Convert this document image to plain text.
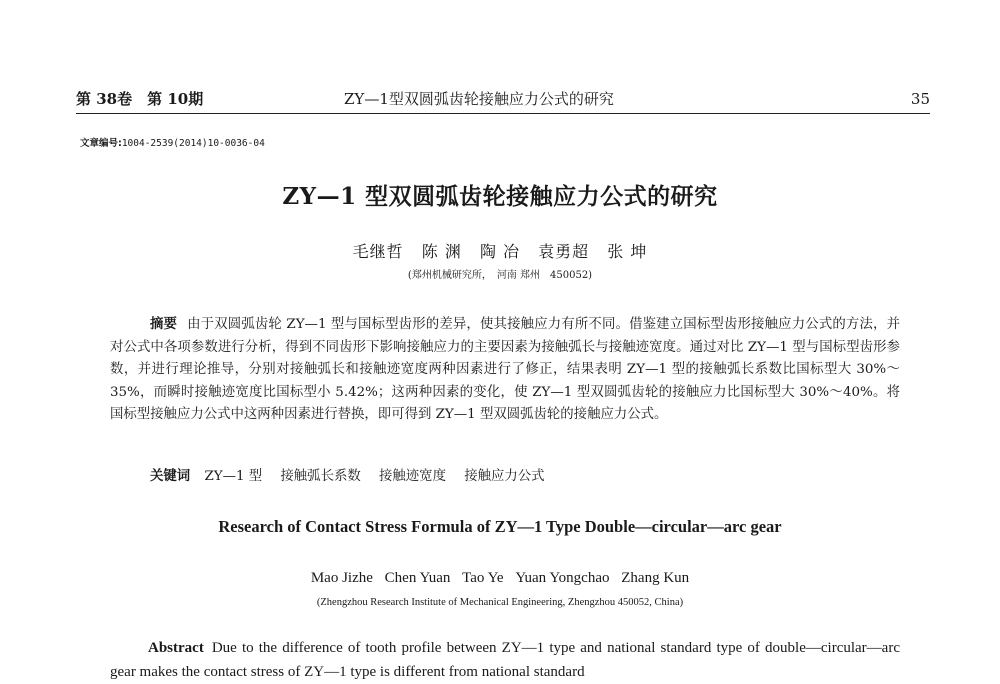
第 38卷　第 10期	ZY—1型双圆弧齿轮接触应力公式的研究	35
文章编号:1004‐2539(2014)10‐0036‐04
ZY—1 型双圆弧齿轮接触应力公式的研究
毛继哲 陈 渊 陶 冶 袁勇超 张 坤
(郑州机械研究所，　河南 郑州　450052)
摘要 由于双圆弧齿轮 ZY—1 型与国标型齿形的差异，使其接触应力有所不同。借鉴建立国标型齿形接触应力公式的方法，并对公式中各项参数进行分析，得到不同齿形下影响接触应力的主要因素为接触弧长与接触迹宽度。通过对比 ZY—1 型与国标型齿形参数，并进行理论推导，分别对接触弧长和接触迹宽度两种因素进行了修正，结果表明 ZY—1 型的接触弧长系数比国标型大 30%～35%，而瞬时接触迹宽度比国标型小 5.42%；这两种因素的变化，使 ZY—1 型双圆弧齿轮的接触应力比国标型大 30%～40%。将国标型接触应力公式中这两种因素进行替换，即可得到 ZY—1 型双圆弧齿轮的接触应力公式。
关键词 ZY—1 型 接触弧长系数 接触迹宽度 接触应力公式
Research of Contact Stress Formula of ZY—1 Type Double—circular—arc gear
Mao Jizhe Chen Yuan Tao Ye Yuan Yongchao Zhang Kun
(Zhengzhou Research Institute of Mechanical Engineering, Zhengzhou 450052, China)
Abstract Due to the difference of tooth profile between ZY—1 type and national standard type of double—circular—arc gear makes the contact stress of ZY—1 type is different from national standard
